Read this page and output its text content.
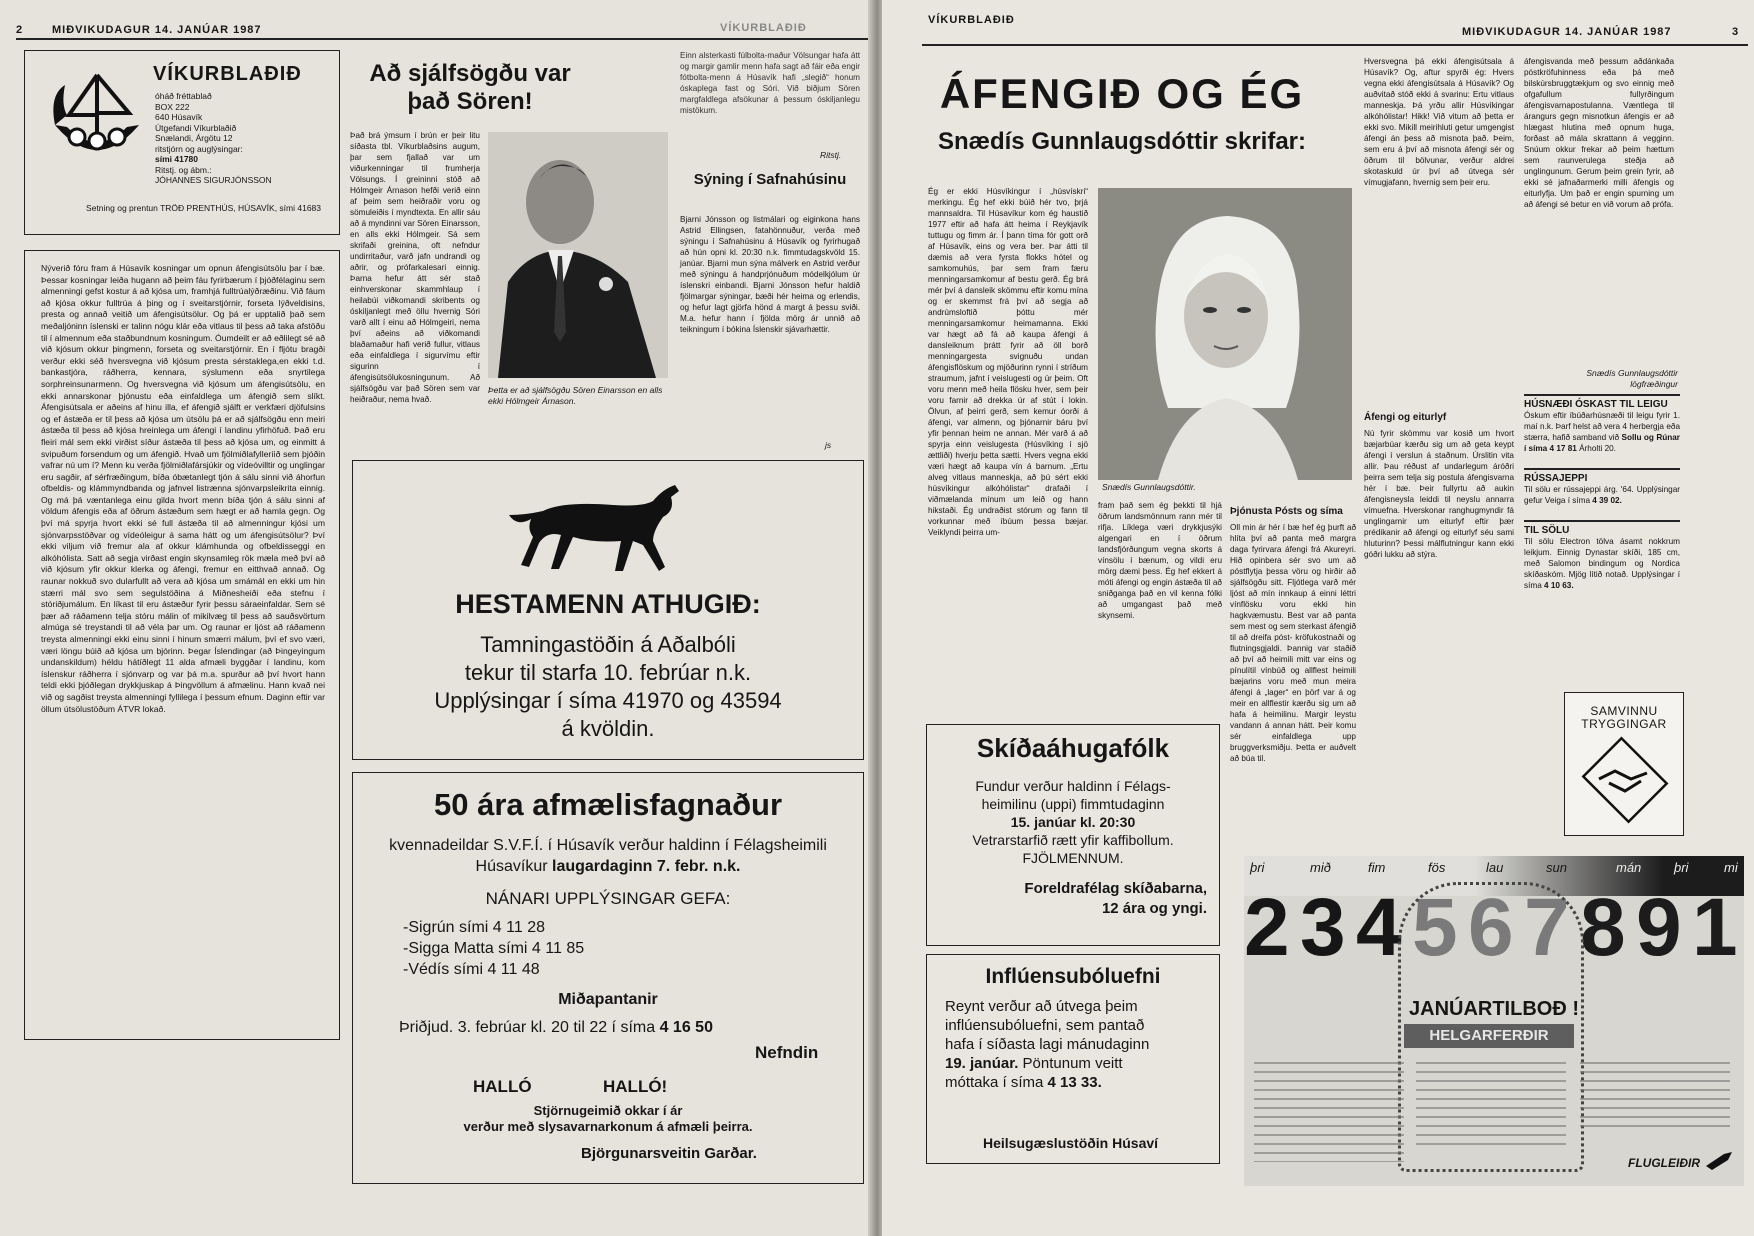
2	MIÐVIKUDAGUR 14. JANÚAR 1987	VÍKURBLAÐIÐ
VÍKURBLAÐIÐ
óháð fréttablað
BOX 222
640 Húsavík
Útgefandi Víkurblaðið
Snælandi, Árgötu 12
ritstjórn og auglýsingar:
sími 41780
Ritstj. og ábm.:
JÓHANNES SIGURJÓNSSON
Setning og prentun TRÖÐ PRENTHÚS, HÚSAVÍK, sími 41683
Nýverið fóru fram á Húsavík kosningar um opnun áfengisútsölu þar í bæ. Þessar kosningar leiða hugann að þeim fáu fyrirbærum í þjóðfélaginu sem almenningi gefst kostur á að kjósa um, framhjá fulltrúalýðræðinu. Við fáum að kjósa okkur fulltrúa á þing og í sveitarstjórnir, forseta lýðveldisins, presta og annað veitið um áfengisútsölur. Og þá er upptalið það sem meðaljóninn íslenski er talinn nógu klár eða vitlaus til þess að taka afstöðu til í almennum eða staðbundnum kosningum. Óumdeilt er að eðlilegt sé að við kjósum okkur þingmenn, forseta og sveitarstjórnir. En í fljótu bragði verður ekki séð hversvegna við kjósum presta sérstaklega,en ekki t.d. bankastjóra, ráðherra, kennara, sýslumenn eða snyrtilega sorphreinsunarmenn. Og hversvegna við kjósum um áfengisútsölu, en ekki annarskonar þjónustu eða einfaldlega um áfengið sem slíkt. Áfengisútsala er aðeins af hinu illa, ef áfengið sjálft er verkfæri djöfulsins og ef ástæða er til þess að kjósa um útsölu þá er að sjálfsögðu enn meiri ástæða til þess að kjósa hreinlega um áfengi í landinu yfirhöfuð. Það eru fleiri mál sem ekki virðist síður ástæða til þess að kjósa um, og einmitt á svipuðum forsendum og um áfengið. Hvað um fjölmiðlafylleríið sem þjóðin vafrar nú um í? Menn ku verða fjölmiðlafársjúkir og vídeóvilltir og unglingar eru sagðir, af sérfræðingum, bíða óbætanlegt tjón á sálu sinni við áhorfun ofbeldis- og klámmyndbanda og jafnvel listrænna sjónvarpsleikrita einnig. Og má þá væntanlega einu gilda hvort menn bíða tjón á sálu sinni af völdum áfengis eða af öðrum ástæðum sem hægt er að hamla gegn. Og því má spyrja hvort ekki sé full ástæða til að almenningur kjósi um sjónvarpsstöðvar og vídeóleigur á sama hátt og um áfengisútsölur? Því ekki viljum við fremur ala af okkur klámhunda og ofbeldisseggi en alkóhólista. Satt að segja virðast engin skynsamleg rök mæla með því að við kjósum yfir okkur klerka og áfengi, fremur en eitthvað annað. Og raunar nokkuð svo dularfullt að vera að kjósa um smámál en ekki um hin stærri mál svo sem segulstöðina á Miðnesheiði eða stefnu í stóriðjumálum. En líkast til eru ástæður fyrir þessu sáraeinfaldar. Sem sé þær að ráðamenn telja stóru málin of mikilvæg til þess að sauðsvörtum almúga sé treystandi til að véla þar um. Og raunar er ljóst að ráðamenn treysta almenningi ekki einu sinni í hinum smærri málum, því ef svo væri, væri löngu búið að kjósa um bjórinn. Þegar Íslendingar (að Þingeyingum undanskildum) héldu hátíðlegt 11 alda afmæli byggðar í landinu, kom íslenskur ráðherra í sjónvarp og var þá m.a. spurður að því hvort hann teldi ekki þjóðlegan drykkjuskap á Þingvöllum á afmælinu. Hann kvað nei við og sagðist treysta almenningi fyllilega í þessum efnum. Daginn eftir var öllum útsölustöðum ÁTVR lokað.
Að sjálfsögðu var það Sören!
Það brá ýmsum í brún er þeir litu síðasta tbl. Víkurblaðsins augum, þar sem fjallað var um viðurkenningar til frumherja Völsungs. Í greininni stóð að Hólmgeir Árnason hefði verið einn af þeim sem heiðraðir voru og sömuleiðis í myndtexta. En allir sáu að á myndinni var Sören Einarsson, en alls ekki Hólmgeir. Sá sem skrifaði greinina, oft nefndur undirritaður, varð jafn undrandi og aðrir, og prófarkalesari einnig. Þarna hefur átt sér stað einhverskonar skammhlaup í heilabúi viðkomandi skribents og óskiljanlegt með öllu hvernig Sóri varð allt í einu að Hólmgeiri, nema því aðeins að viðkomandi blaðamaður hafi verið fullur, vitlaus eða einfaldlega í sigurvímu eftir sigurinn í áfengisútsölukosningunum. Að sjálfsögðu var það Sören sem var heiðraður, nema hvað.
Þetta er að sjálfsögðu Sören Einarsson en alls ekki Hólmgeir Árnason.
Einn alsterkasti fúlbolta-maður Völsungar hafa átt og margir gamlir menn hafa sagt að fáir eða engir fótbolta-menn á Húsavík hafi „slegið“ honum óskaplega fast og Sóri. Við biðjum Sören margfaldlega afsökunar á þessum óskiljanlegu mistökum.
Ritstj.
Sýning í Safnahúsinu
Bjarni Jónsson og listmálari og eiginkona hans Astrid Ellingsen, fatahönnuður, verða með sýningu í Safnahúsinu á Húsavík og fyrirhugað að hún opni kl. 20:30 n.k. fimmtudagskvöld 15. janúar. Bjarni mun sýna málverk en Astrid verður með sýningu á handprjónuðum módelkjólum úr íslenskri einbandi. Bjarni Jónsson hefur haldið fjölmargar sýningar, bæði hér heima og erlendis, og hefur lagt gjörfa hönd á margt á þessu sviði. M.a. hefur hann í fjölda mörg ár unnið að teikningum í bókina Íslenskir sjávarhættir.
js
HESTAMENN ATHUGIÐ:
Tamningastöðin á Aðalbóli
tekur til starfa 10. febrúar n.k.
Upplýsingar í síma 41970 og 43594
á kvöldin.
50 ára afmælisfagnaður
kvennadeildar S.V.F.Í. í Húsavík verður haldinn í Félagsheimili Húsavíkur laugardaginn 7. febr. n.k.
NÁNARI UPPLÝSINGAR GEFA:
-Sigrún sími 4 11 28
-Sigga Matta sími 4 11 85
-Védís sími 4 11 48
Miðapantanir
Þriðjud. 3. febrúar kl. 20 til 22 í síma 4 16 50
Nefndin
HALLÓ	HALLÓ!
Stjörnugeimið okkar í ár
verður með slysavarnarkonum á afmæli þeirra.
Björgunarsveitin Garðar.
VÍKURBLAÐIÐ
MIÐVIKUDAGUR 14. JANÚAR 1987	3
ÁFENGIÐ OG ÉG
Snædís Gunnlaugsdóttir skrifar:
Snædís Gunnlaugsdóttir.
Ég er ekki Húsvíkingur í „húsvískri“ merkingu. Ég hef ekki búið hér tvo, þrjá mannsaldra. Til Húsavíkur kom ég haustið 1977 eftir að hafa átt heima í Reykjavík tuttugu og fimm ár. Í þann tíma fór gott orð af Húsavík, eins og vera ber. Þar átti til dæmis að vera fyrsta flokks hótel og samkomuhús, þar sem fram færu menningarsamkomur af bestu gerð. Ég brá mér því á dansleik skömmu eftir komu mína og er skemmst frá því að segja að andrúmsloftið þóttu mér menningarsamkomur heimamanna. Ekki var hægt að fá að kaupa áfengi á dansleiknum þrátt fyrir að öll borð menningargesta svignuðu undan áfengisflöskum og mjöðurinn rynni í stríðum straumum, jafnt í veislugesti og úr þeim. Oft voru menn með heila flösku hver, sem þeir voru farnir að drekka úr af stút í lokin. Ölvun, af þeirri gerð, sem kemur óorði á áfengi, var almenn, og þjónarnir báru því yfir þennan heim ne annan. Mér varð á að spyrja einn veislugesta (Húsvíking í sjö ættliði) hverju þetta sætti. Hvers vegna ekki væri hægt að kaupa vín á barnum. „Ertu alveg vitlaus manneskja, að þú sért ekki húsvíkingur alkóhólistar“ drafaði í viðmælanda mínum um leið og hann hikstaði. Ég undraðist stórum og fann til vorkunnar með íbúum þessa bæjar. Veiklyndi þeirra um-
fram það sem ég þekkti til hjá öðrum landsmönnum rann mér til rifja. Líklega væri drykkjusýki algengari en í öðrum landsfjórðungum vegna skorts á vínsölu í bænum, og vildi eru mörg dæmi þess. Ég hef ekkert á móti áfengi og engin ástæða til að sniðganga það en vil kenna fólki að umgangast það með skynsemi.
Þjónusta Pósts og síma
Oll min ár hér í bæ hef ég þurft að hlíta því að panta með margra daga fyrirvara áfengi frá Akureyri. Hið opinbera sér svo um að póstflytja þessa vöru og hirðir að sjálfsögðu sitt. Fljótlega varð mér ljóst að mín innkaup á einni léttri vínflösku voru ekki hin hagkvæmustu. Best var að panta sem mest og sem sterkast áfengið til að dreifa póst- kröfukostnaði og flutningsgjaldi. Þannig var staðið að því að heimili mitt var eins og pínulítil vínbúð og allflest heimili bæjarins voru með mun meira áfengi á „lager“ en þörf var á og meir en allflestir kærðu sig um að hafa á heimilinu. Margir leystu vandann á annan hátt. Þeir komu sér einfaldlega upp bruggverksmiðju. Þetta er auðvelt að búa til.
Hversvegna þá ekki áfengisútsala á Húsavík? Og, aftur spyrði ég: Hvers vegna ekki áfengisútsala á Húsavík? Og auðvitað stóð ekki á svarinu: Ertu vitlaus manneskja. Þá yrðu allir Húsvíkingar alkóhólistar! Hikk! Við vitum að þetta er ekki svo. Mikill meirihluti getur umgengist áfengi án þess að misnota það. Þeim, sem eru á því að misnota áfengi sér og öðrum til bölvunar, verður aldrei skotaskuld úr því að útvega sér vímugjafann, hvernig sem þeir eru.
Áfengi og eiturlyf
Nú fyrir skömmu var kosið um hvort bæjarbúar kærðu sig um að geta keypt áfengi í verslun á staðnum. Úrslitin vita allir. Þau réðust af undarlegum áróðri þeirra sem telja sig postula áfengisvarna hér í bæ. Þeir fullyrtu að aukin áfengisneysla leiddi til neyslu annarra vímuefna. Hverskonar ranghugmyndir fá unglingarnir um eiturlyf eftir þær prédikanir að áfengi og eiturlyf séu sami hluturinn? Þessi málflutningur kann ekki góðri lukku að stýra.
áfengisvanda með þessum aðdánkaða póstkröfuhinness eða þá með bilskúrsbruggtækjum og svo einnig með ofgafullum fullyrðingum áfengisvarnapostulanna. Væntlega til árangurs gegn misnotkun áfengis er að hlægast hlutina með opnum huga, forðast að mála skrattann á vegginn. Snúum okkur frekar að þeim hættum sem raunverulega steðja að unglingunum. Gerum þeim grein fyrir, að ekki sé jafnaðarmerki milli áfengis og eiturlyfja. Um það er engin spurning um að áfengi sé betur en við vorum að prófa.
Snædís Gunnlaugsdóttir lögfræðingur
HÚSNÆÐI ÓSKAST TIL LEIGU
Óskum eftir íbúðarhúsnæði til leigu fyrir 1. maí n.k. Þarf helst að vera 4 herbergja eða stærra, hafið samband við Sollu og Rúnar í síma 4 17 81 Árholti 20.
RÚSSAJEPPI
Til sölu er rússajeppi árg. '64. Upplýsingar gefur Veiga í síma 4 39 02.
TIL SÖLU
Til sölu Electron tölva ásamt nokkrum leikjum. Einnig Dynastar skíði, 185 cm, með Salomon bindingum og Nordica skíðaskóm. Mjög lítið notað. Upplýsingar í síma 4 10 63.
SAMVINNU
TRYGGINGAR
Skíðaáhugafólk
Fundur verður haldinn í Félags-
heimilinu (uppi) fimmtudaginn
15. janúar kl. 20:30
Vetrarstarfið rætt yfir kaffibollum.
FJÖLMENNUM.
Foreldrafélag skíðabarna,
12 ára og yngi.
Inflúensubóluefni
Reynt verður að útvega þeim
inflúensubóluefni, sem pantað
hafa í síðasta lagi mánudaginn
19. janúar. Pöntunum veitt
móttaka í síma 4 13 33.
Heilsugæslustöðin Húsaví
þri	mið	fim	fös	lau	sun	mán	þri	mi
2 3 4 5 6 7 8 9 1
JANÚARTILBOÐ !
HELGARFERÐIR
FLUGLEIÐIR
